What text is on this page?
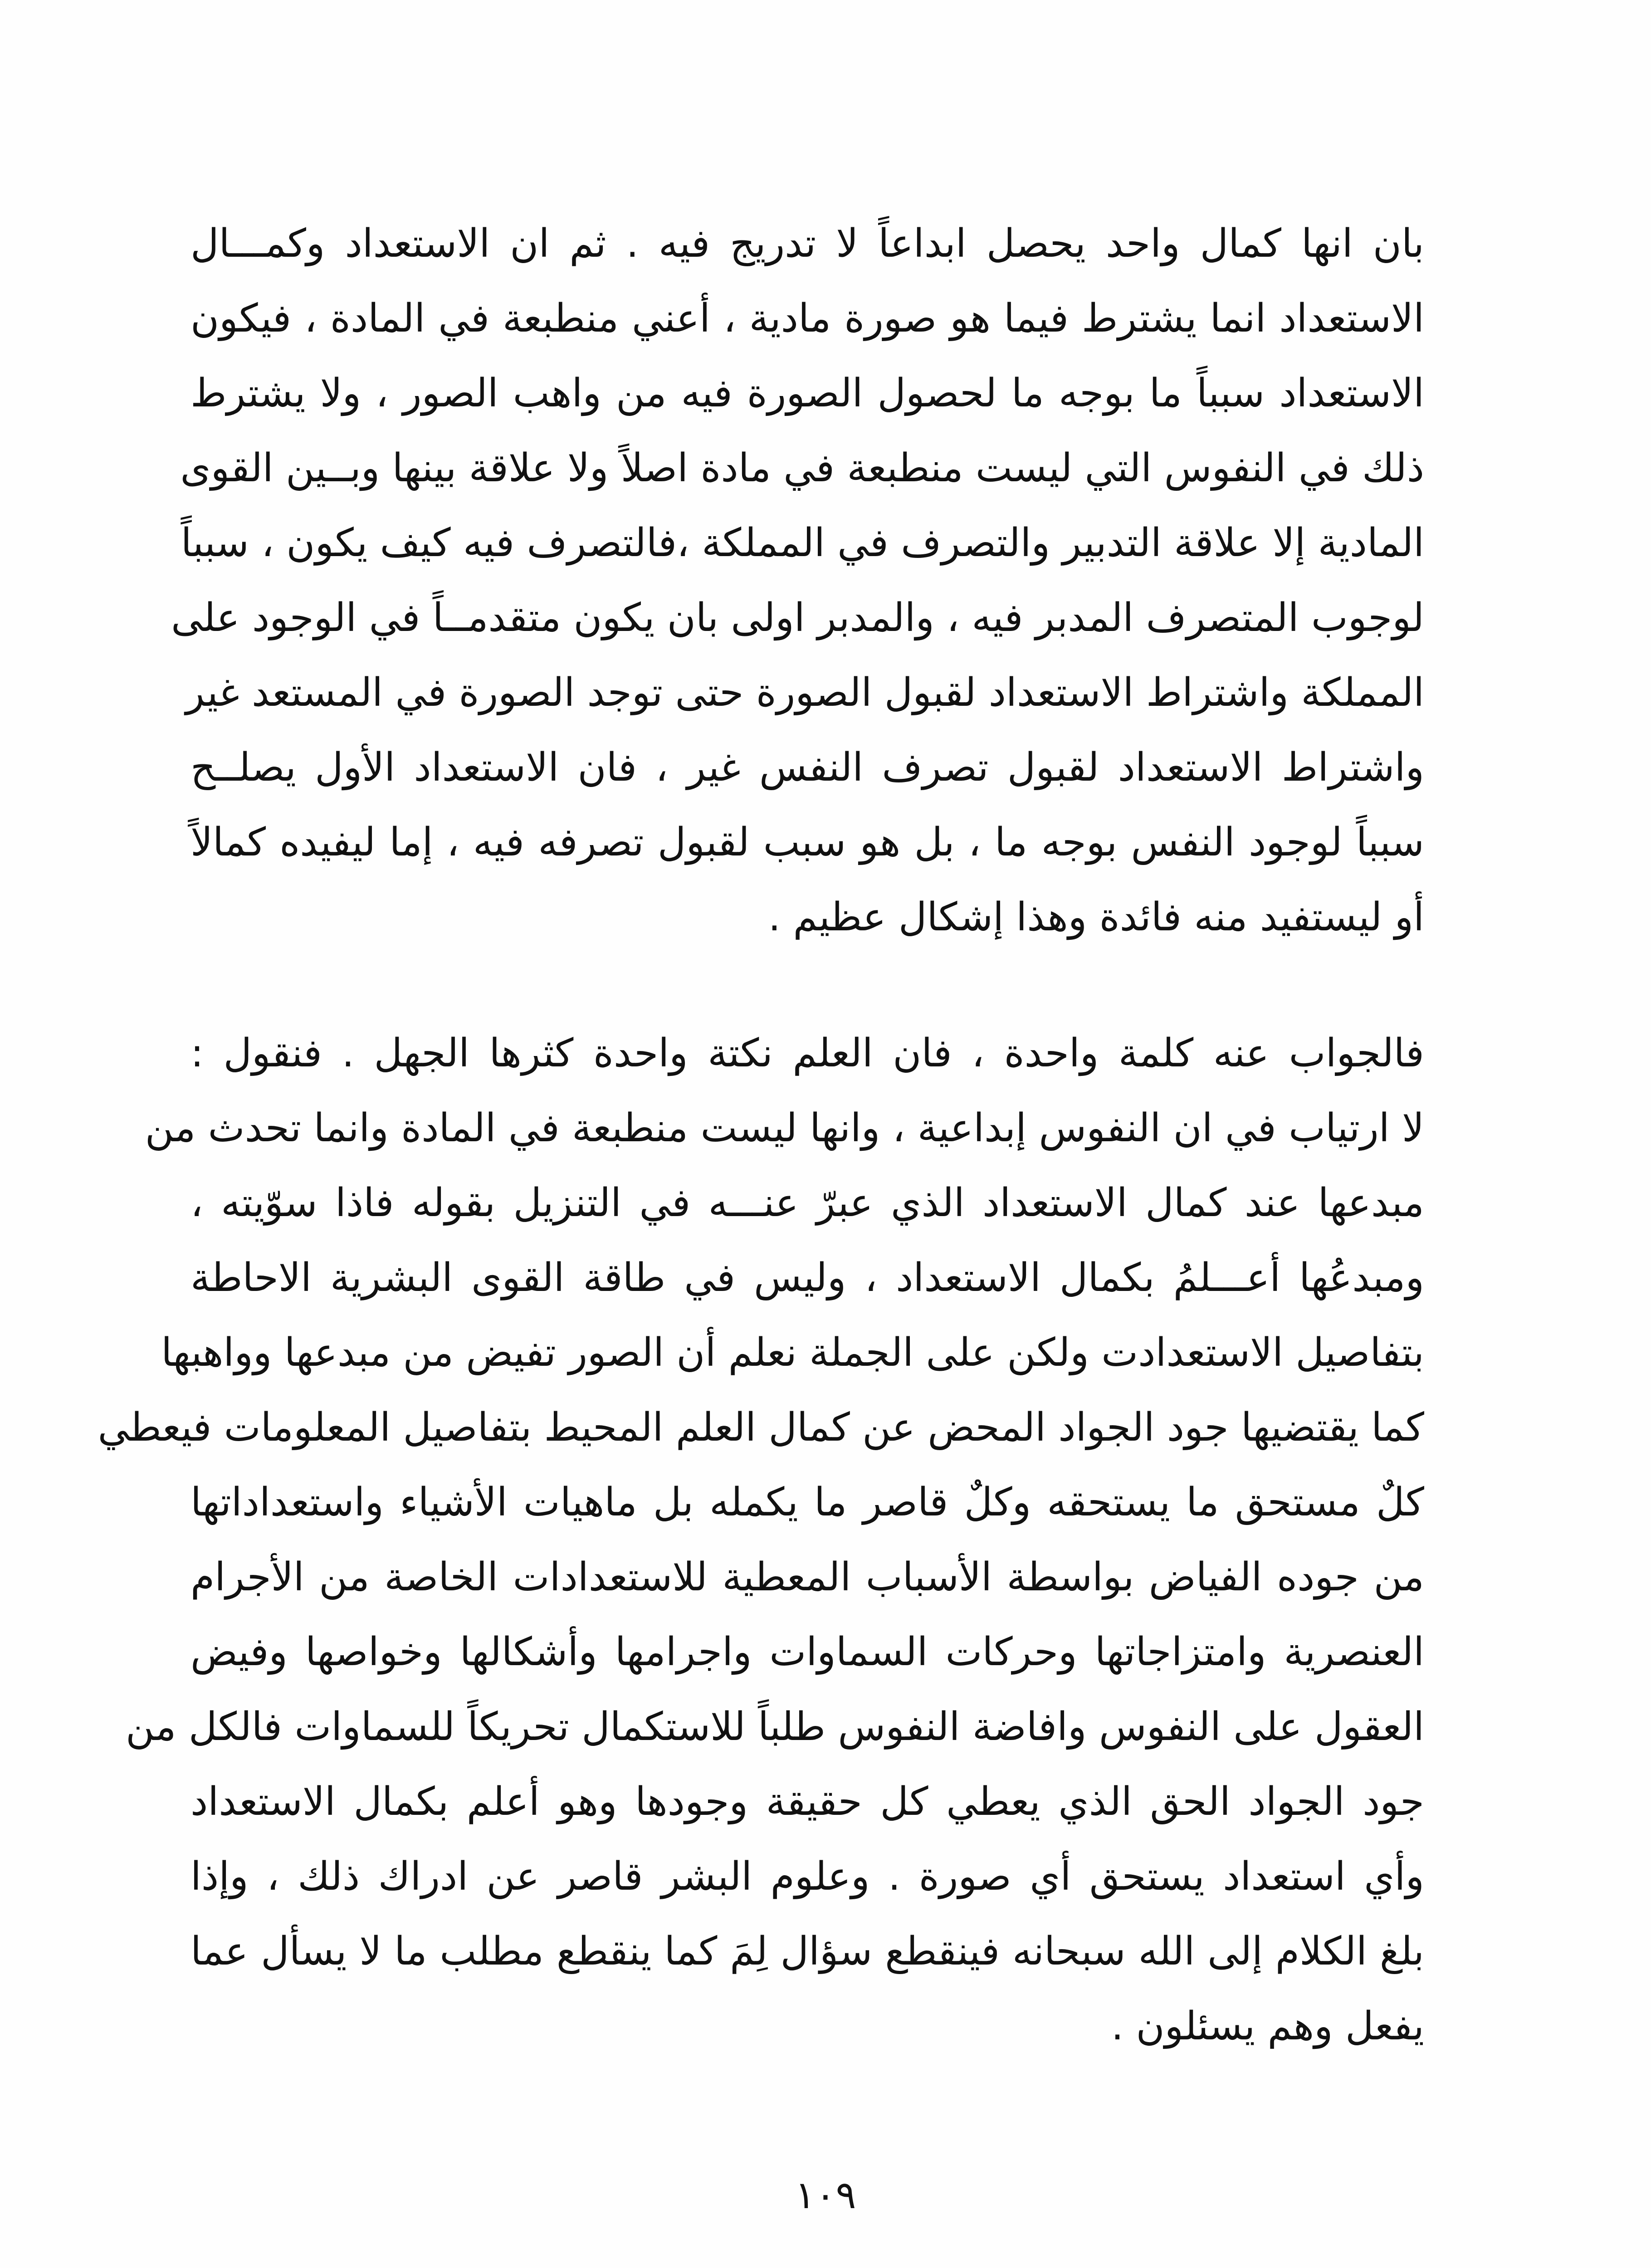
بان انها كمال واحد يحصل ابداعاً لا تدريج فيه . ثم ان الاستعداد وكمـــال
الاستعداد انما يشترط فيما هو صورة مادية ، أعني منطبعة في المادة ، فيكون
الاستعداد سبباً ما بوجه ما لحصول الصورة فيه من واهب الصور ، ولا يشترط
ذلك في النفوس التي ليست منطبعة في مادة اصلاً ولا علاقة بينها وبــين القوى
المادية إلا علاقة التدبير والتصرف في المملكة ،فالتصرف فيه كيف يكون ، سبباً
لوجوب المتصرف المدبر فيه ، والمدبر اولى بان يكون متقدمــاً في الوجود على
المملكة واشتراط الاستعداد لقبول الصورة حتى توجد الصورة في المستعد غير
واشتراط الاستعداد لقبول تصرف النفس غير ، فان الاستعداد الأول يصلــح
سبباً لوجود النفس بوجه ما ، بل هو سبب لقبول تصرفه فيه ، إما ليفيده كمالاً
أو ليستفيد منه فائدة وهذا إشكال عظيم .
فالجواب عنه كلمة واحدة ، فان العلم نكتة واحدة كثرها الجهل . فنقول :
لا ارتياب في ان النفوس إبداعية ، وانها ليست منطبعة في المادة وانما تحدث من
مبدعها عند كمال الاستعداد الذي عبرّ عنـــه في التنزيل بقوله فاذا سوّيته ،
ومبدعُها أعـــلمُ بكمال الاستعداد ، وليس في طاقة القوى البشرية الاحاطة
بتفاصيل الاستعدادت ولكن على الجملة نعلم أن الصور تفيض من مبدعها وواهبها
كما يقتضيها جود الجواد المحض عن كمال العلم المحيط بتفاصيل المعلومات فيعطي
كلٌ مستحق ما يستحقه وكلٌ قاصر ما يكمله بل ماهيات الأشياء واستعداداتها
من جوده الفياض بواسطة الأسباب المعطية للاستعدادات الخاصة من الأجرام
العنصرية وامتزاجاتها وحركات السماوات واجرامها وأشكالها وخواصها وفيض
العقول على النفوس وافاضة النفوس طلباً للاستكمال تحريكاً للسماوات فالكل من
جود الجواد الحق الذي يعطي كل حقيقة وجودها وهو أعلم بكمال الاستعداد
وأي استعداد يستحق أي صورة . وعلوم البشر قاصر عن ادراك ذلك ، وإذا
بلغ الكلام إلى الله سبحانه فينقطع سؤال لِمَ كما ينقطع مطلب ما لا يسأل عما
يفعل وهم يسئلون .
١٠٩
